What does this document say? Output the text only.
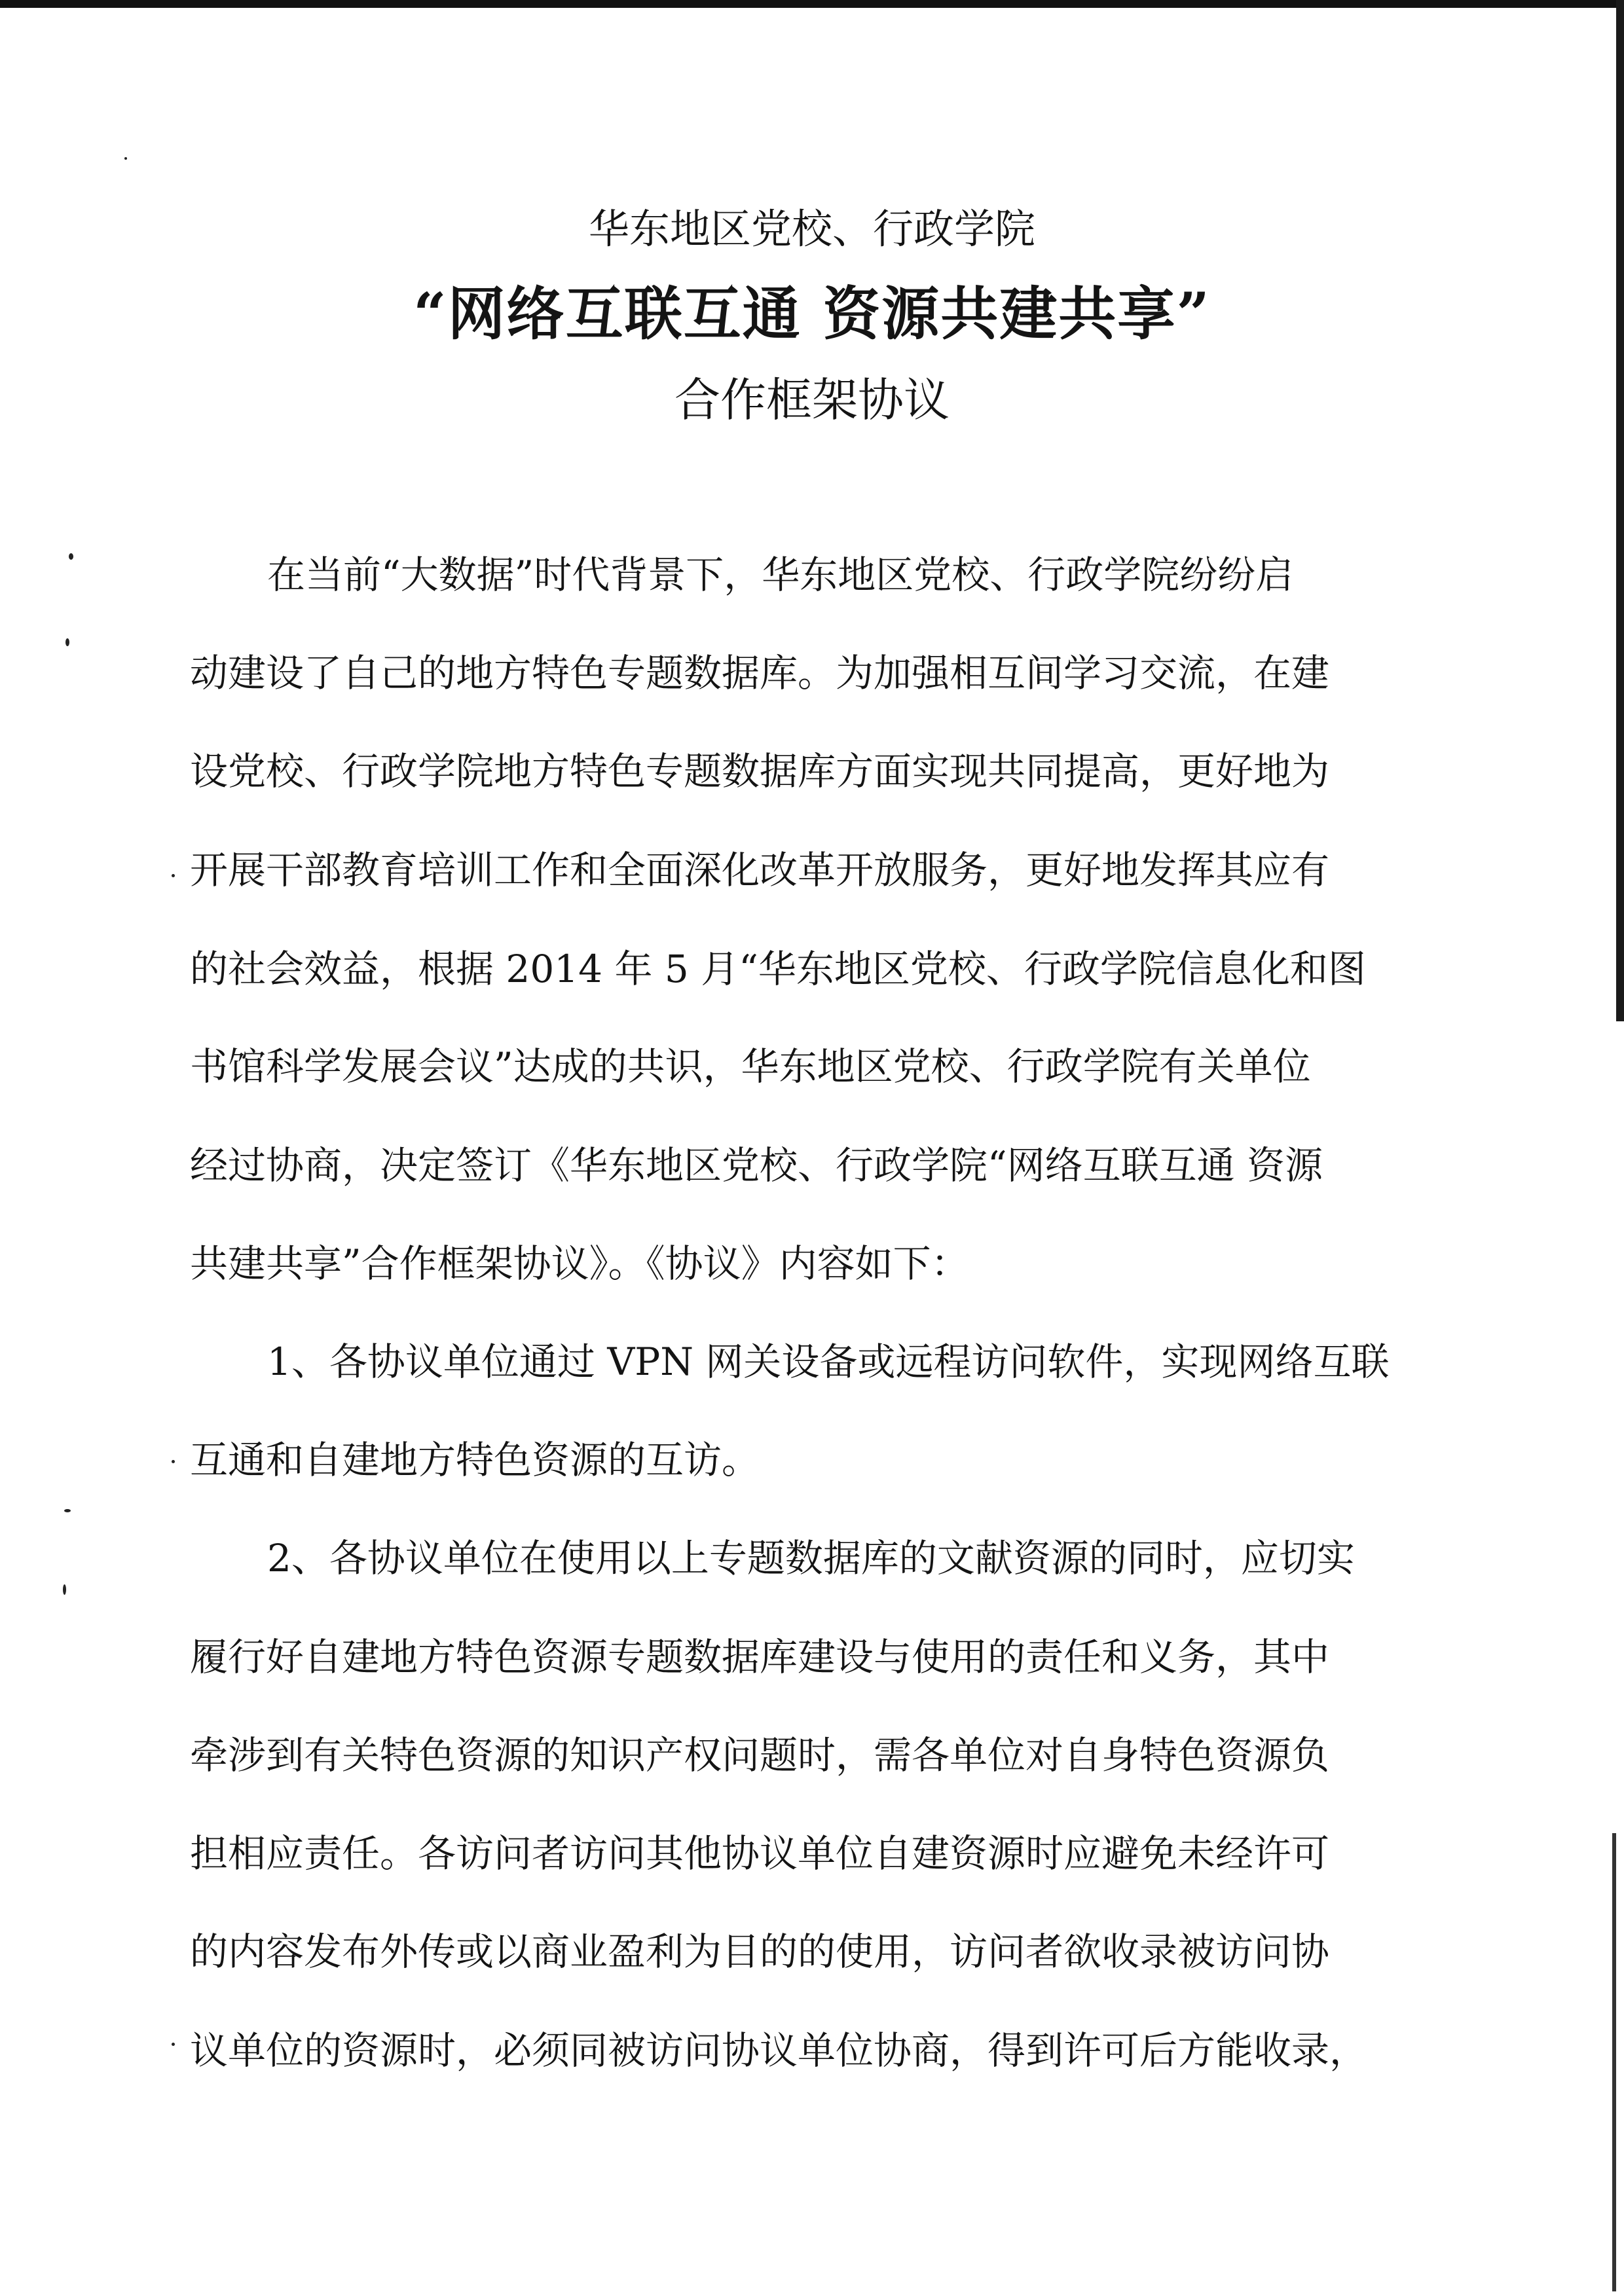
华东地区党校、行政学院
“网络互联互通 资源共建共享”
合作框架协议
在当前“大数据”时代背景下，华东地区党校、行政学院纷纷启
动建设了自己的地方特色专题数据库。为加强相互间学习交流，在建
设党校、行政学院地方特色专题数据库方面实现共同提高，更好地为
开展干部教育培训工作和全面深化改革开放服务，更好地发挥其应有
的社会效益，根据 2014 年 5 月“华东地区党校、行政学院信息化和图
书馆科学发展会议”达成的共识，华东地区党校、行政学院有关单位
经过协商，决定签订《华东地区党校、行政学院“网络互联互通 资源
共建共享”合作框架协议》。《协议》内容如下：
1、各协议单位通过 VPN 网关设备或远程访问软件，实现网络互联
互通和自建地方特色资源的互访。
2、各协议单位在使用以上专题数据库的文献资源的同时，应切实
履行好自建地方特色资源专题数据库建设与使用的责任和义务，其中
牵涉到有关特色资源的知识产权问题时，需各单位对自身特色资源负
担相应责任。各访问者访问其他协议单位自建资源时应避免未经许可
的内容发布外传或以商业盈利为目的的使用，访问者欲收录被访问协
议单位的资源时，必须同被访问协议单位协商，得到许可后方能收录，
